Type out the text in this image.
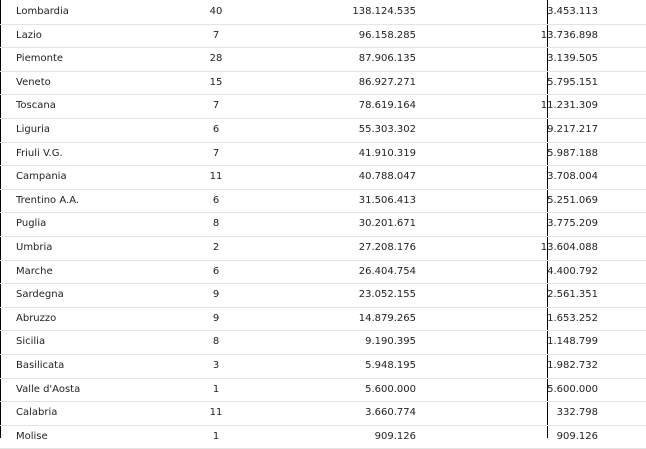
Lombardia	40	138.124.535	3.453.113
Lazio	7	96.158.285	13.736.898
Piemonte	28	87.906.135	3.139.505
Veneto	15	86.927.271	5.795.151
Toscana	7	78.619.164	11.231.309
Liguria	6	55.303.302	9.217.217
Friuli V.G.	7	41.910.319	5.987.188
Campania	11	40.788.047	3.708.004
Trentino A.A.	6	31.506.413	5.251.069
Puglia	8	30.201.671	3.775.209
Umbria	2	27.208.176	13.604.088
Marche	6	26.404.754	4.400.792
Sardegna	9	23.052.155	2.561.351
Abruzzo	9	14.879.265	1.653.252
Sicilia	8	9.190.395	1.148.799
Basilicata	3	5.948.195	1.982.732
Valle d'Aosta	1	5.600.000	5.600.000
Calabria	11	3.660.774	332.798
Molise	1	909.126	909.126
